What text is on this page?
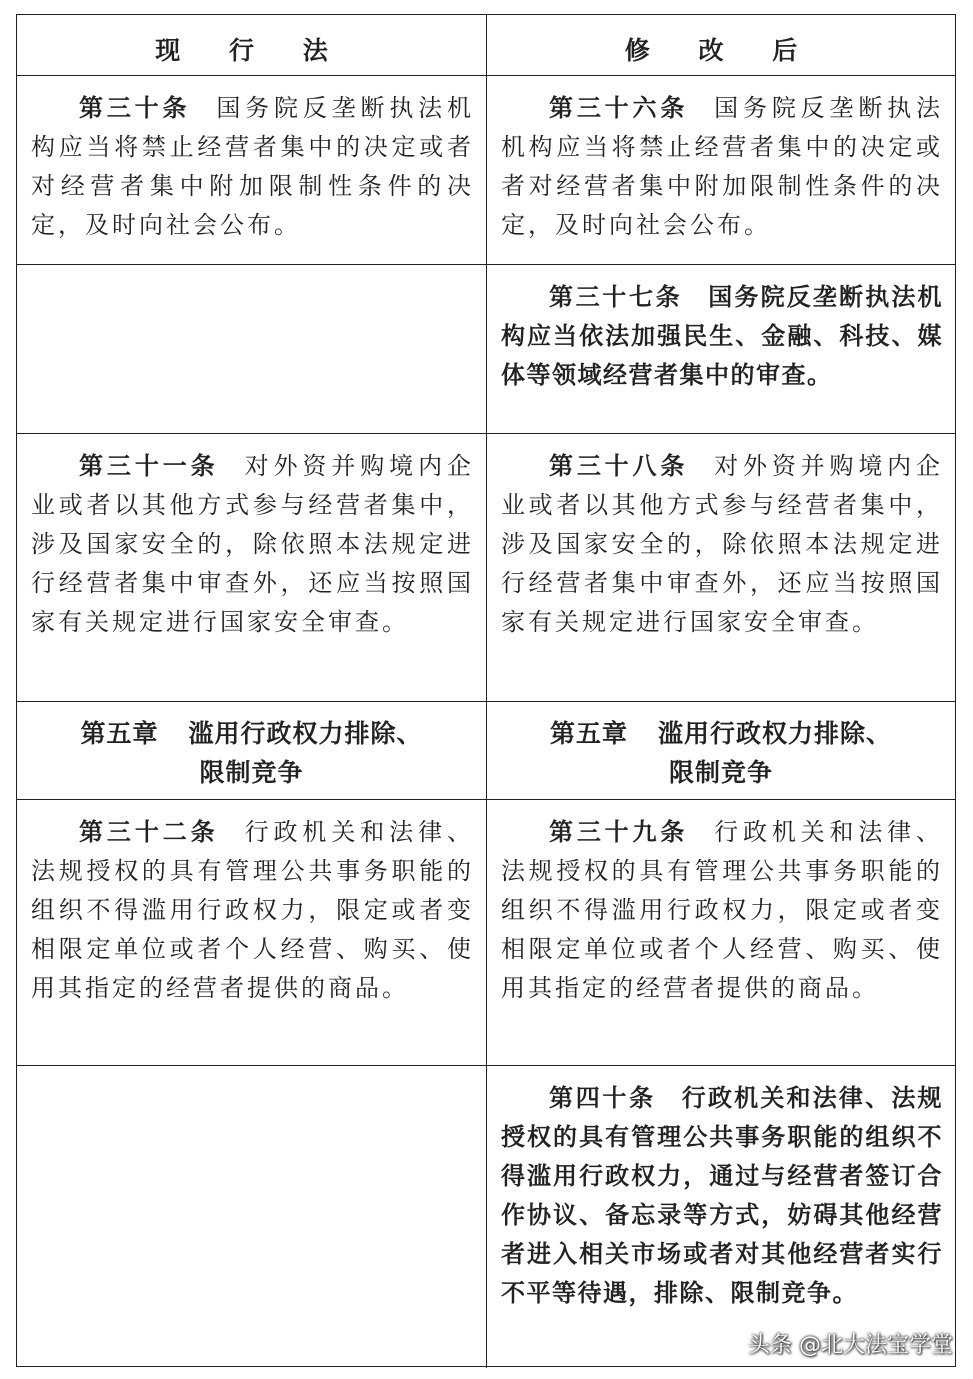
现 行 法	修 改 后
第三十条 国务院反垄断执法机构应当将禁止经营者集中的决定或者对经营者集中附加限制性条件的决定，及时向社会公布。
第三十六条 国务院反垄断执法机构应当将禁止经营者集中的决定或者对经营者集中附加限制性条件的决定，及时向社会公布。
第三十七条 国务院反垄断执法机构应当依法加强民生、金融、科技、媒体等领域经营者集中的审查。
第三十一条 对外资并购境内企业或者以其他方式参与经营者集中，涉及国家安全的，除依照本法规定进行经营者集中审查外，还应当按照国家有关规定进行国家安全审查。
第三十八条 对外资并购境内企业或者以其他方式参与经营者集中，涉及国家安全的，除依照本法规定进行经营者集中审查外，还应当按照国家有关规定进行国家安全审查。
第五章 滥用行政权力排除、
限制竞争
第五章 滥用行政权力排除、
限制竞争
第三十二条 行政机关和法律、法规授权的具有管理公共事务职能的组织不得滥用行政权力，限定或者变相限定单位或者个人经营、购买、使用其指定的经营者提供的商品。
第三十九条 行政机关和法律、法规授权的具有管理公共事务职能的组织不得滥用行政权力，限定或者变相限定单位或者个人经营、购买、使用其指定的经营者提供的商品。
第四十条 行政机关和法律、法规授权的具有管理公共事务职能的组织不得滥用行政权力，通过与经营者签订合作协议、备忘录等方式，妨碍其他经营者进入相关市场或者对其他经营者实行不平等待遇，排除、限制竞争。
头条 @北大法宝学堂
